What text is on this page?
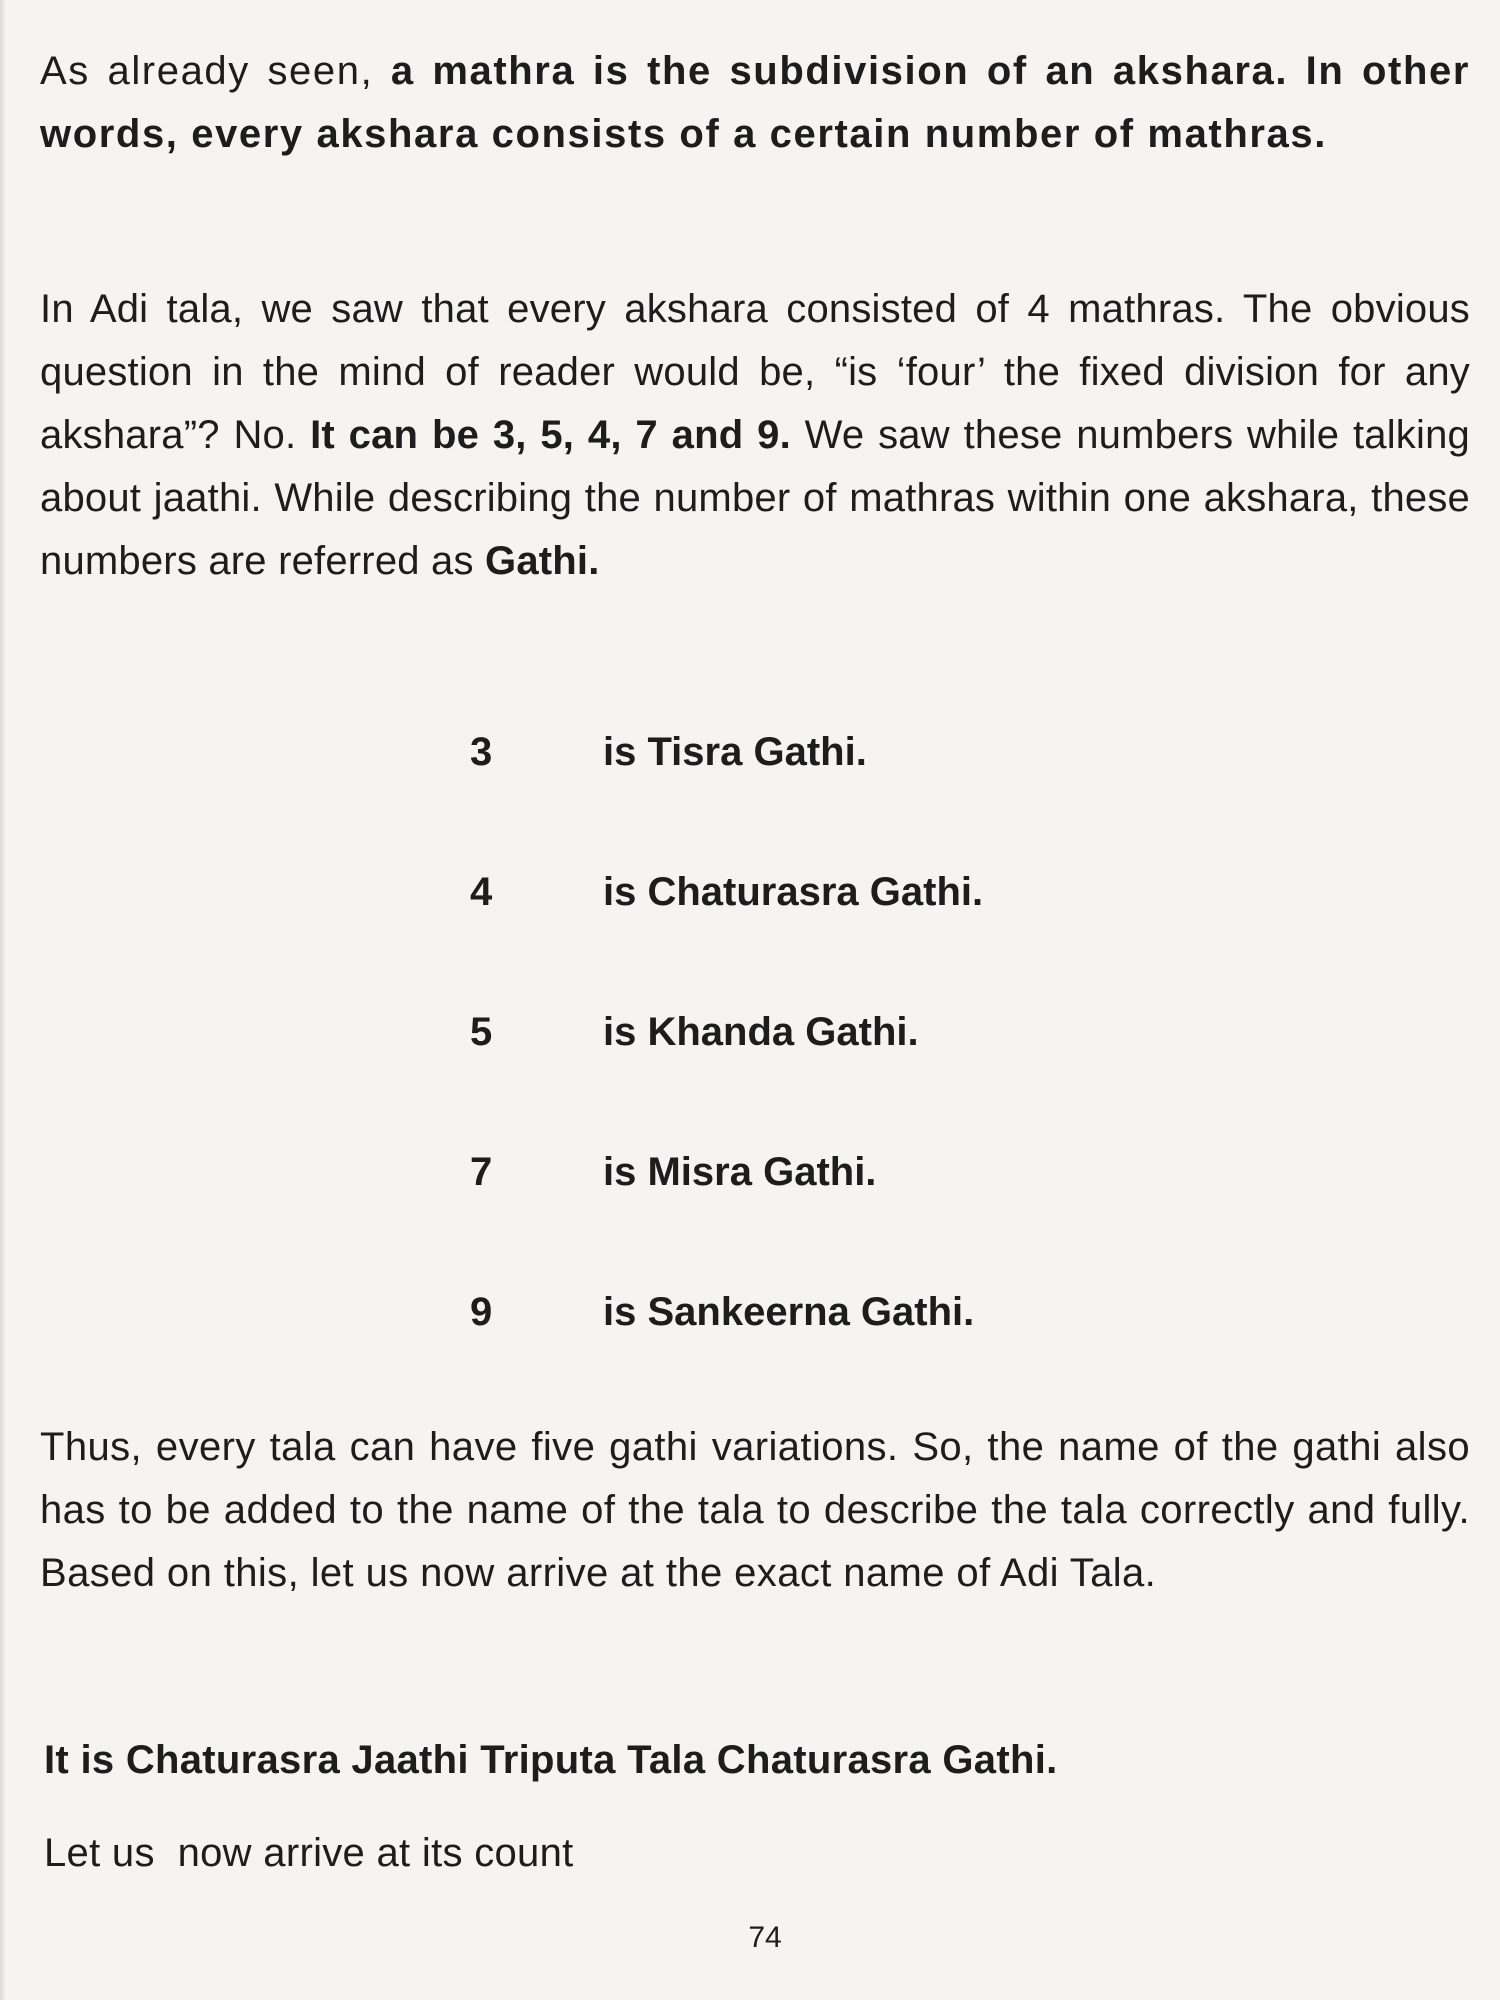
As already seen, a mathra is the subdivision of an akshara. In other words, every akshara consists of a certain number of mathras.

In Adi tala, we saw that every akshara consisted of 4 mathras. The obvious question in the mind of reader would be, “is ‘four’ the fixed division for any akshara”? No. It can be 3, 5, 4, 7 and 9. We saw these numbers while talking about jaathi. While describing the number of mathras within one akshara, these numbers are referred as Gathi.

3	is Tisra Gathi.
4	is Chaturasra Gathi.
5	is Khanda Gathi.
7	is Misra Gathi.
9	is Sankeerna Gathi.

Thus, every tala can have five gathi variations. So, the name of the gathi also has to be added to the name of the tala to describe the tala correctly and fully. Based on this, let us now arrive at the exact name of Adi Tala.

It is Chaturasra Jaathi Triputa Tala Chaturasra Gathi.

Let us  now arrive at its count

74
